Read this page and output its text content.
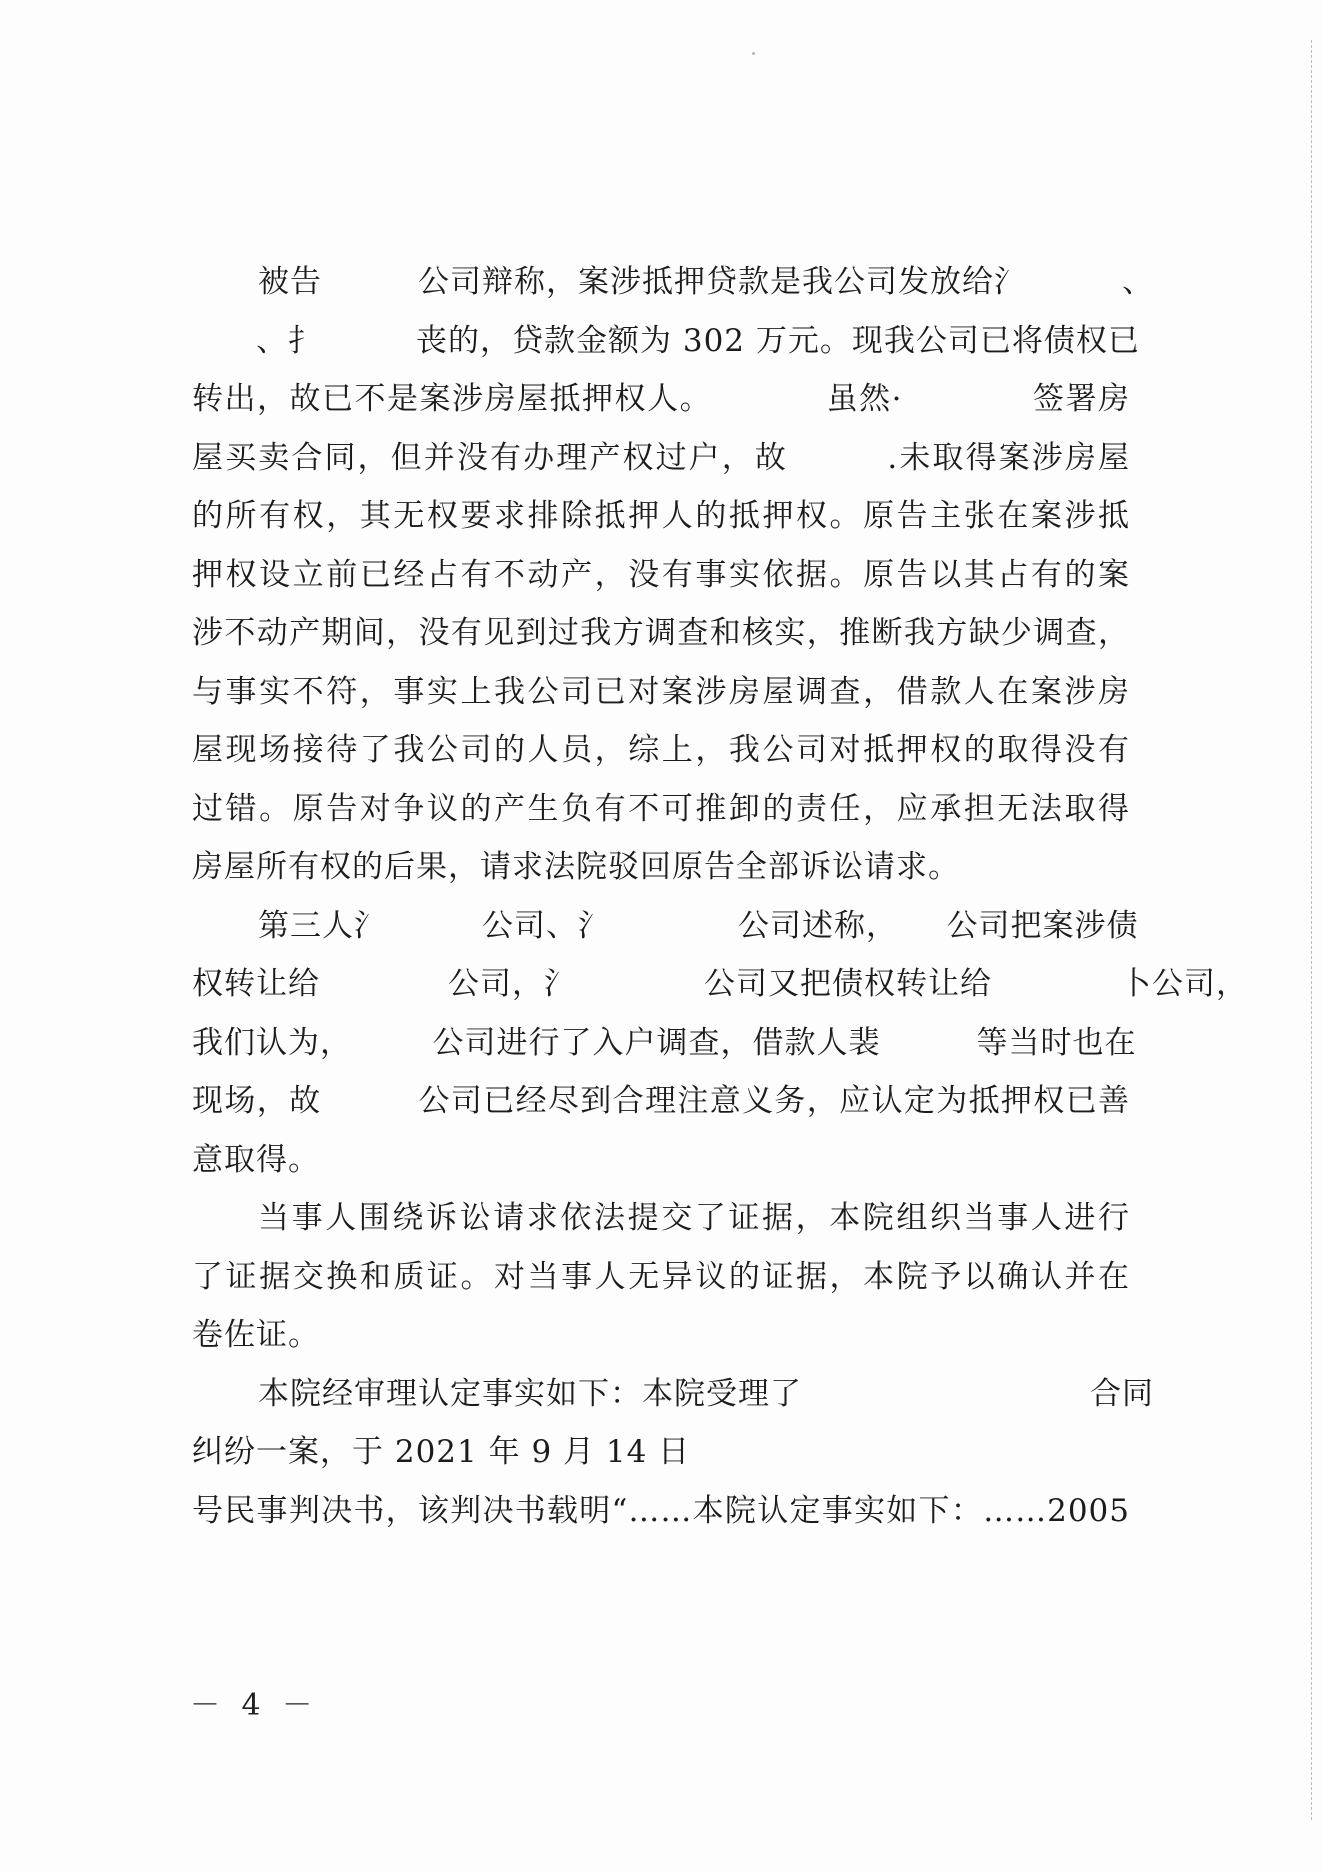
被告　　　公司辩称，案涉抵押贷款是我公司发放给氵　　　、
　　、扌　　　丧的，贷款金额为 302 万元。现我公司已将债权已
转出，故已不是案涉房屋抵押权人。　　　　虽然·　　　　签署房
屋买卖合同，但并没有办理产权过户，故　　　.未取得案涉房屋
的所有权，其无权要求排除抵押人的抵押权。原告主张在案涉抵
押权设立前已经占有不动产，没有事实依据。原告以其占有的案
涉不动产期间，没有见到过我方调查和核实，推断我方缺少调查，
与事实不符，事实上我公司已对案涉房屋调查，借款人在案涉房
屋现场接待了我公司的人员，综上，我公司对抵押权的取得没有
过错。原告对争议的产生负有不可推卸的责任，应承担无法取得
房屋所有权的后果，请求法院驳回原告全部诉讼请求。
第三人氵　　　公司、氵　　　　公司述称，　　公司把案涉债
权转让给　　　　公司，氵　　　　公司又把债权转让给　　　　卜公司，
我们认为，　　　公司进行了入户调查，借款人裴　　　等当时也在
现场，故　　　公司已经尽到合理注意义务，应认定为抵押权已善
意取得。
当事人围绕诉讼请求依法提交了证据，本院组织当事人进行
了证据交换和质证。对当事人无异议的证据，本院予以确认并在
卷佐证。
本院经审理认定事实如下：本院受理了　　　　　　　　　合同
纠纷一案，于 2021 年 9 月 14 日
号民事判决书，该判决书载明“……本院认定事实如下：……2005
－ 4 －
